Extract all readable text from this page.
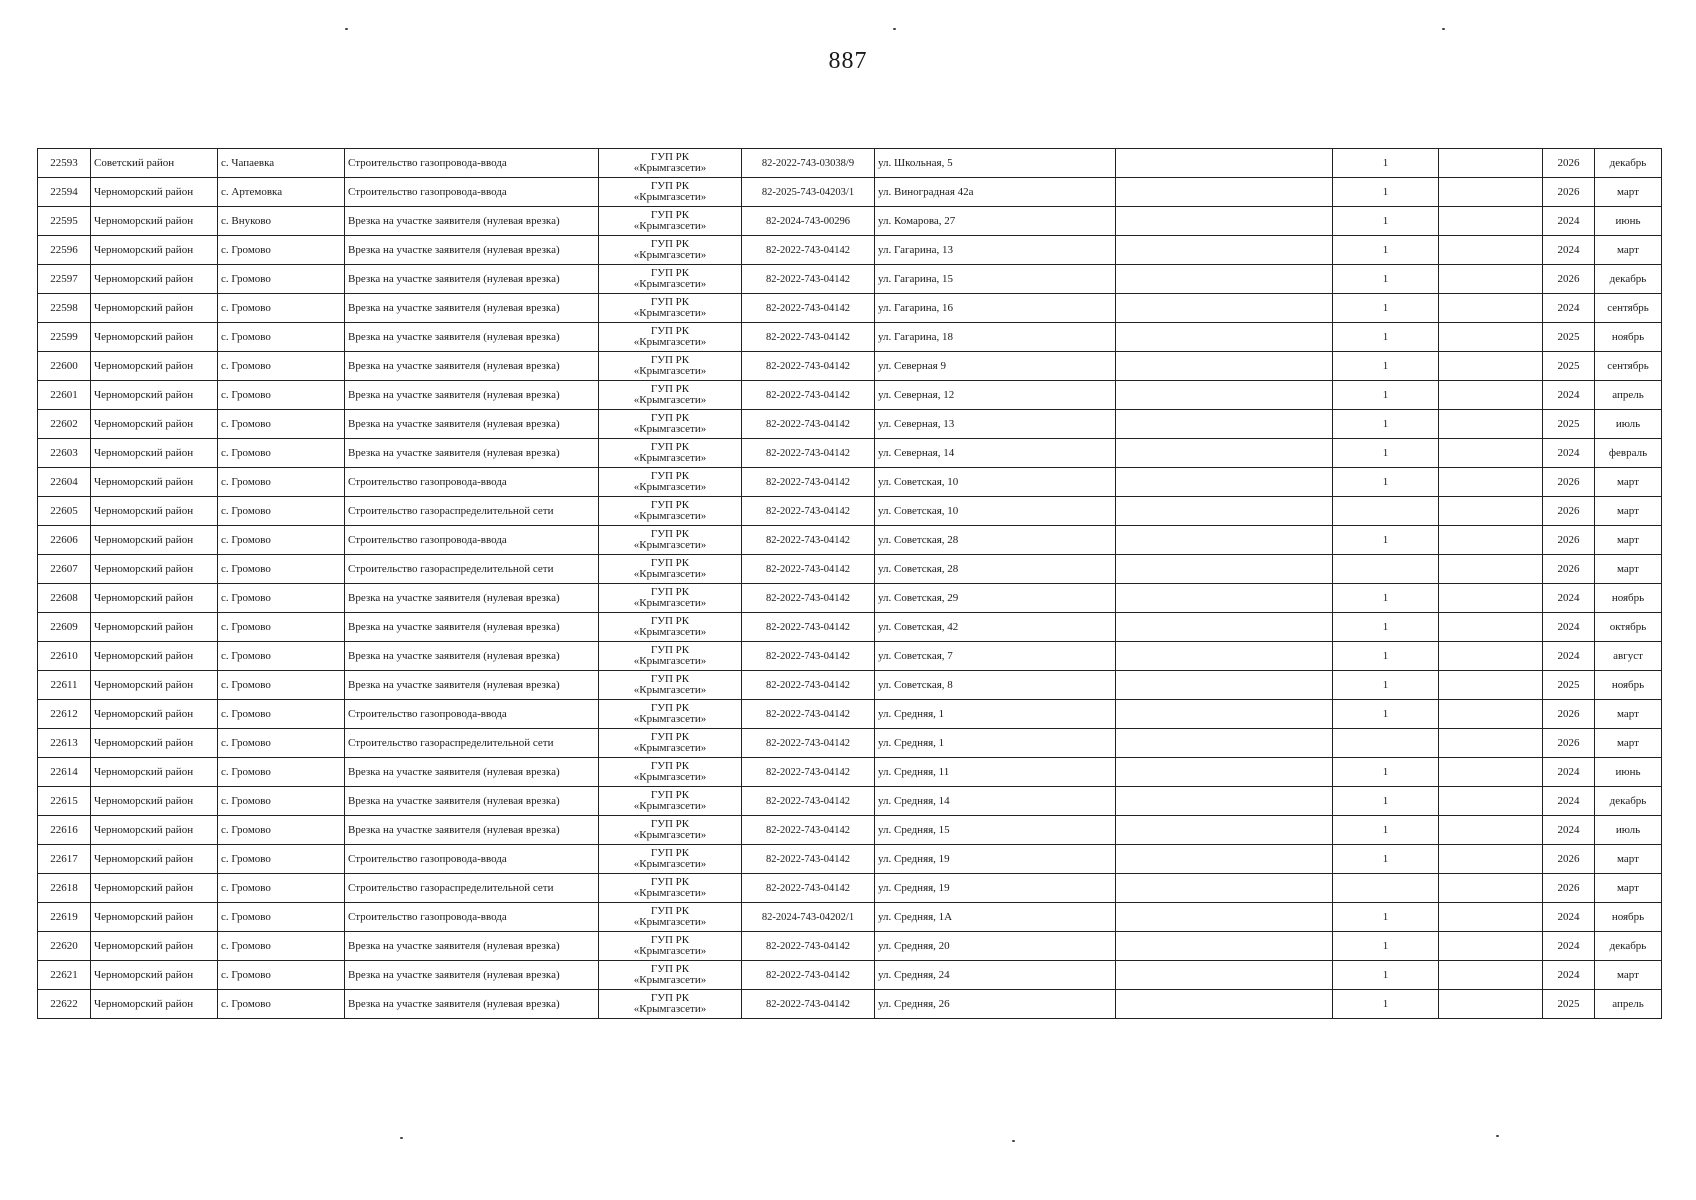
887
22593	Советский район	с. Чапаевка	Строительство газопровода-ввода	ГУП РК
«Крымгазсети»	82-2022-743-03038/9	ул. Школьная, 5		1		2026	декабрь
22594	Черноморский район	с. Артемовка	Строительство газопровода-ввода	ГУП РК
«Крымгазсети»	82-2025-743-04203/1	ул. Виноградная 42а		1		2026	март
22595	Черноморский район	с. Внуково	Врезка на участке заявителя (нулевая врезка)	ГУП РК
«Крымгазсети»	82-2024-743-00296	ул. Комарова, 27		1		2024	июнь
22596	Черноморский район	с. Громово	Врезка на участке заявителя (нулевая врезка)	ГУП РК
«Крымгазсети»	82-2022-743-04142	ул. Гагарина, 13		1		2024	март
22597	Черноморский район	с. Громово	Врезка на участке заявителя (нулевая врезка)	ГУП РК
«Крымгазсети»	82-2022-743-04142	ул. Гагарина, 15		1		2026	декабрь
22598	Черноморский район	с. Громово	Врезка на участке заявителя (нулевая врезка)	ГУП РК
«Крымгазсети»	82-2022-743-04142	ул. Гагарина, 16		1		2024	сентябрь
22599	Черноморский район	с. Громово	Врезка на участке заявителя (нулевая врезка)	ГУП РК
«Крымгазсети»	82-2022-743-04142	ул. Гагарина, 18		1		2025	ноябрь
22600	Черноморский район	с. Громово	Врезка на участке заявителя (нулевая врезка)	ГУП РК
«Крымгазсети»	82-2022-743-04142	ул. Северная 9		1		2025	сентябрь
22601	Черноморский район	с. Громово	Врезка на участке заявителя (нулевая врезка)	ГУП РК
«Крымгазсети»	82-2022-743-04142	ул. Северная, 12		1		2024	апрель
22602	Черноморский район	с. Громово	Врезка на участке заявителя (нулевая врезка)	ГУП РК
«Крымгазсети»	82-2022-743-04142	ул. Северная, 13		1		2025	июль
22603	Черноморский район	с. Громово	Врезка на участке заявителя (нулевая врезка)	ГУП РК
«Крымгазсети»	82-2022-743-04142	ул. Северная, 14		1		2024	февраль
22604	Черноморский район	с. Громово	Строительство газопровода-ввода	ГУП РК
«Крымгазсети»	82-2022-743-04142	ул. Советская, 10		1		2026	март
22605	Черноморский район	с. Громово	Строительство газораспределительной сети	ГУП РК
«Крымгазсети»	82-2022-743-04142	ул. Советская, 10				2026	март
22606	Черноморский район	с. Громово	Строительство газопровода-ввода	ГУП РК
«Крымгазсети»	82-2022-743-04142	ул. Советская, 28		1		2026	март
22607	Черноморский район	с. Громово	Строительство газораспределительной сети	ГУП РК
«Крымгазсети»	82-2022-743-04142	ул. Советская, 28				2026	март
22608	Черноморский район	с. Громово	Врезка на участке заявителя (нулевая врезка)	ГУП РК
«Крымгазсети»	82-2022-743-04142	ул. Советская, 29		1		2024	ноябрь
22609	Черноморский район	с. Громово	Врезка на участке заявителя (нулевая врезка)	ГУП РК
«Крымгазсети»	82-2022-743-04142	ул. Советская, 42		1		2024	октябрь
22610	Черноморский район	с. Громово	Врезка на участке заявителя (нулевая врезка)	ГУП РК
«Крымгазсети»	82-2022-743-04142	ул. Советская, 7		1		2024	август
22611	Черноморский район	с. Громово	Врезка на участке заявителя (нулевая врезка)	ГУП РК
«Крымгазсети»	82-2022-743-04142	ул. Советская, 8		1		2025	ноябрь
22612	Черноморский район	с. Громово	Строительство газопровода-ввода	ГУП РК
«Крымгазсети»	82-2022-743-04142	ул. Средняя, 1		1		2026	март
22613	Черноморский район	с. Громово	Строительство газораспределительной сети	ГУП РК
«Крымгазсети»	82-2022-743-04142	ул. Средняя, 1				2026	март
22614	Черноморский район	с. Громово	Врезка на участке заявителя (нулевая врезка)	ГУП РК
«Крымгазсети»	82-2022-743-04142	ул. Средняя, 11		1		2024	июнь
22615	Черноморский район	с. Громово	Врезка на участке заявителя (нулевая врезка)	ГУП РК
«Крымгазсети»	82-2022-743-04142	ул. Средняя, 14		1		2024	декабрь
22616	Черноморский район	с. Громово	Врезка на участке заявителя (нулевая врезка)	ГУП РК
«Крымгазсети»	82-2022-743-04142	ул. Средняя, 15		1		2024	июль
22617	Черноморский район	с. Громово	Строительство газопровода-ввода	ГУП РК
«Крымгазсети»	82-2022-743-04142	ул. Средняя, 19		1		2026	март
22618	Черноморский район	с. Громово	Строительство газораспределительной сети	ГУП РК
«Крымгазсети»	82-2022-743-04142	ул. Средняя, 19				2026	март
22619	Черноморский район	с. Громово	Строительство газопровода-ввода	ГУП РК
«Крымгазсети»	82-2024-743-04202/1	ул. Средняя, 1А		1		2024	ноябрь
22620	Черноморский район	с. Громово	Врезка на участке заявителя (нулевая врезка)	ГУП РК
«Крымгазсети»	82-2022-743-04142	ул. Средняя, 20		1		2024	декабрь
22621	Черноморский район	с. Громово	Врезка на участке заявителя (нулевая врезка)	ГУП РК
«Крымгазсети»	82-2022-743-04142	ул. Средняя, 24		1		2024	март
22622	Черноморский район	с. Громово	Врезка на участке заявителя (нулевая врезка)	ГУП РК
«Крымгазсети»	82-2022-743-04142	ул. Средняя, 26		1		2025	апрель
